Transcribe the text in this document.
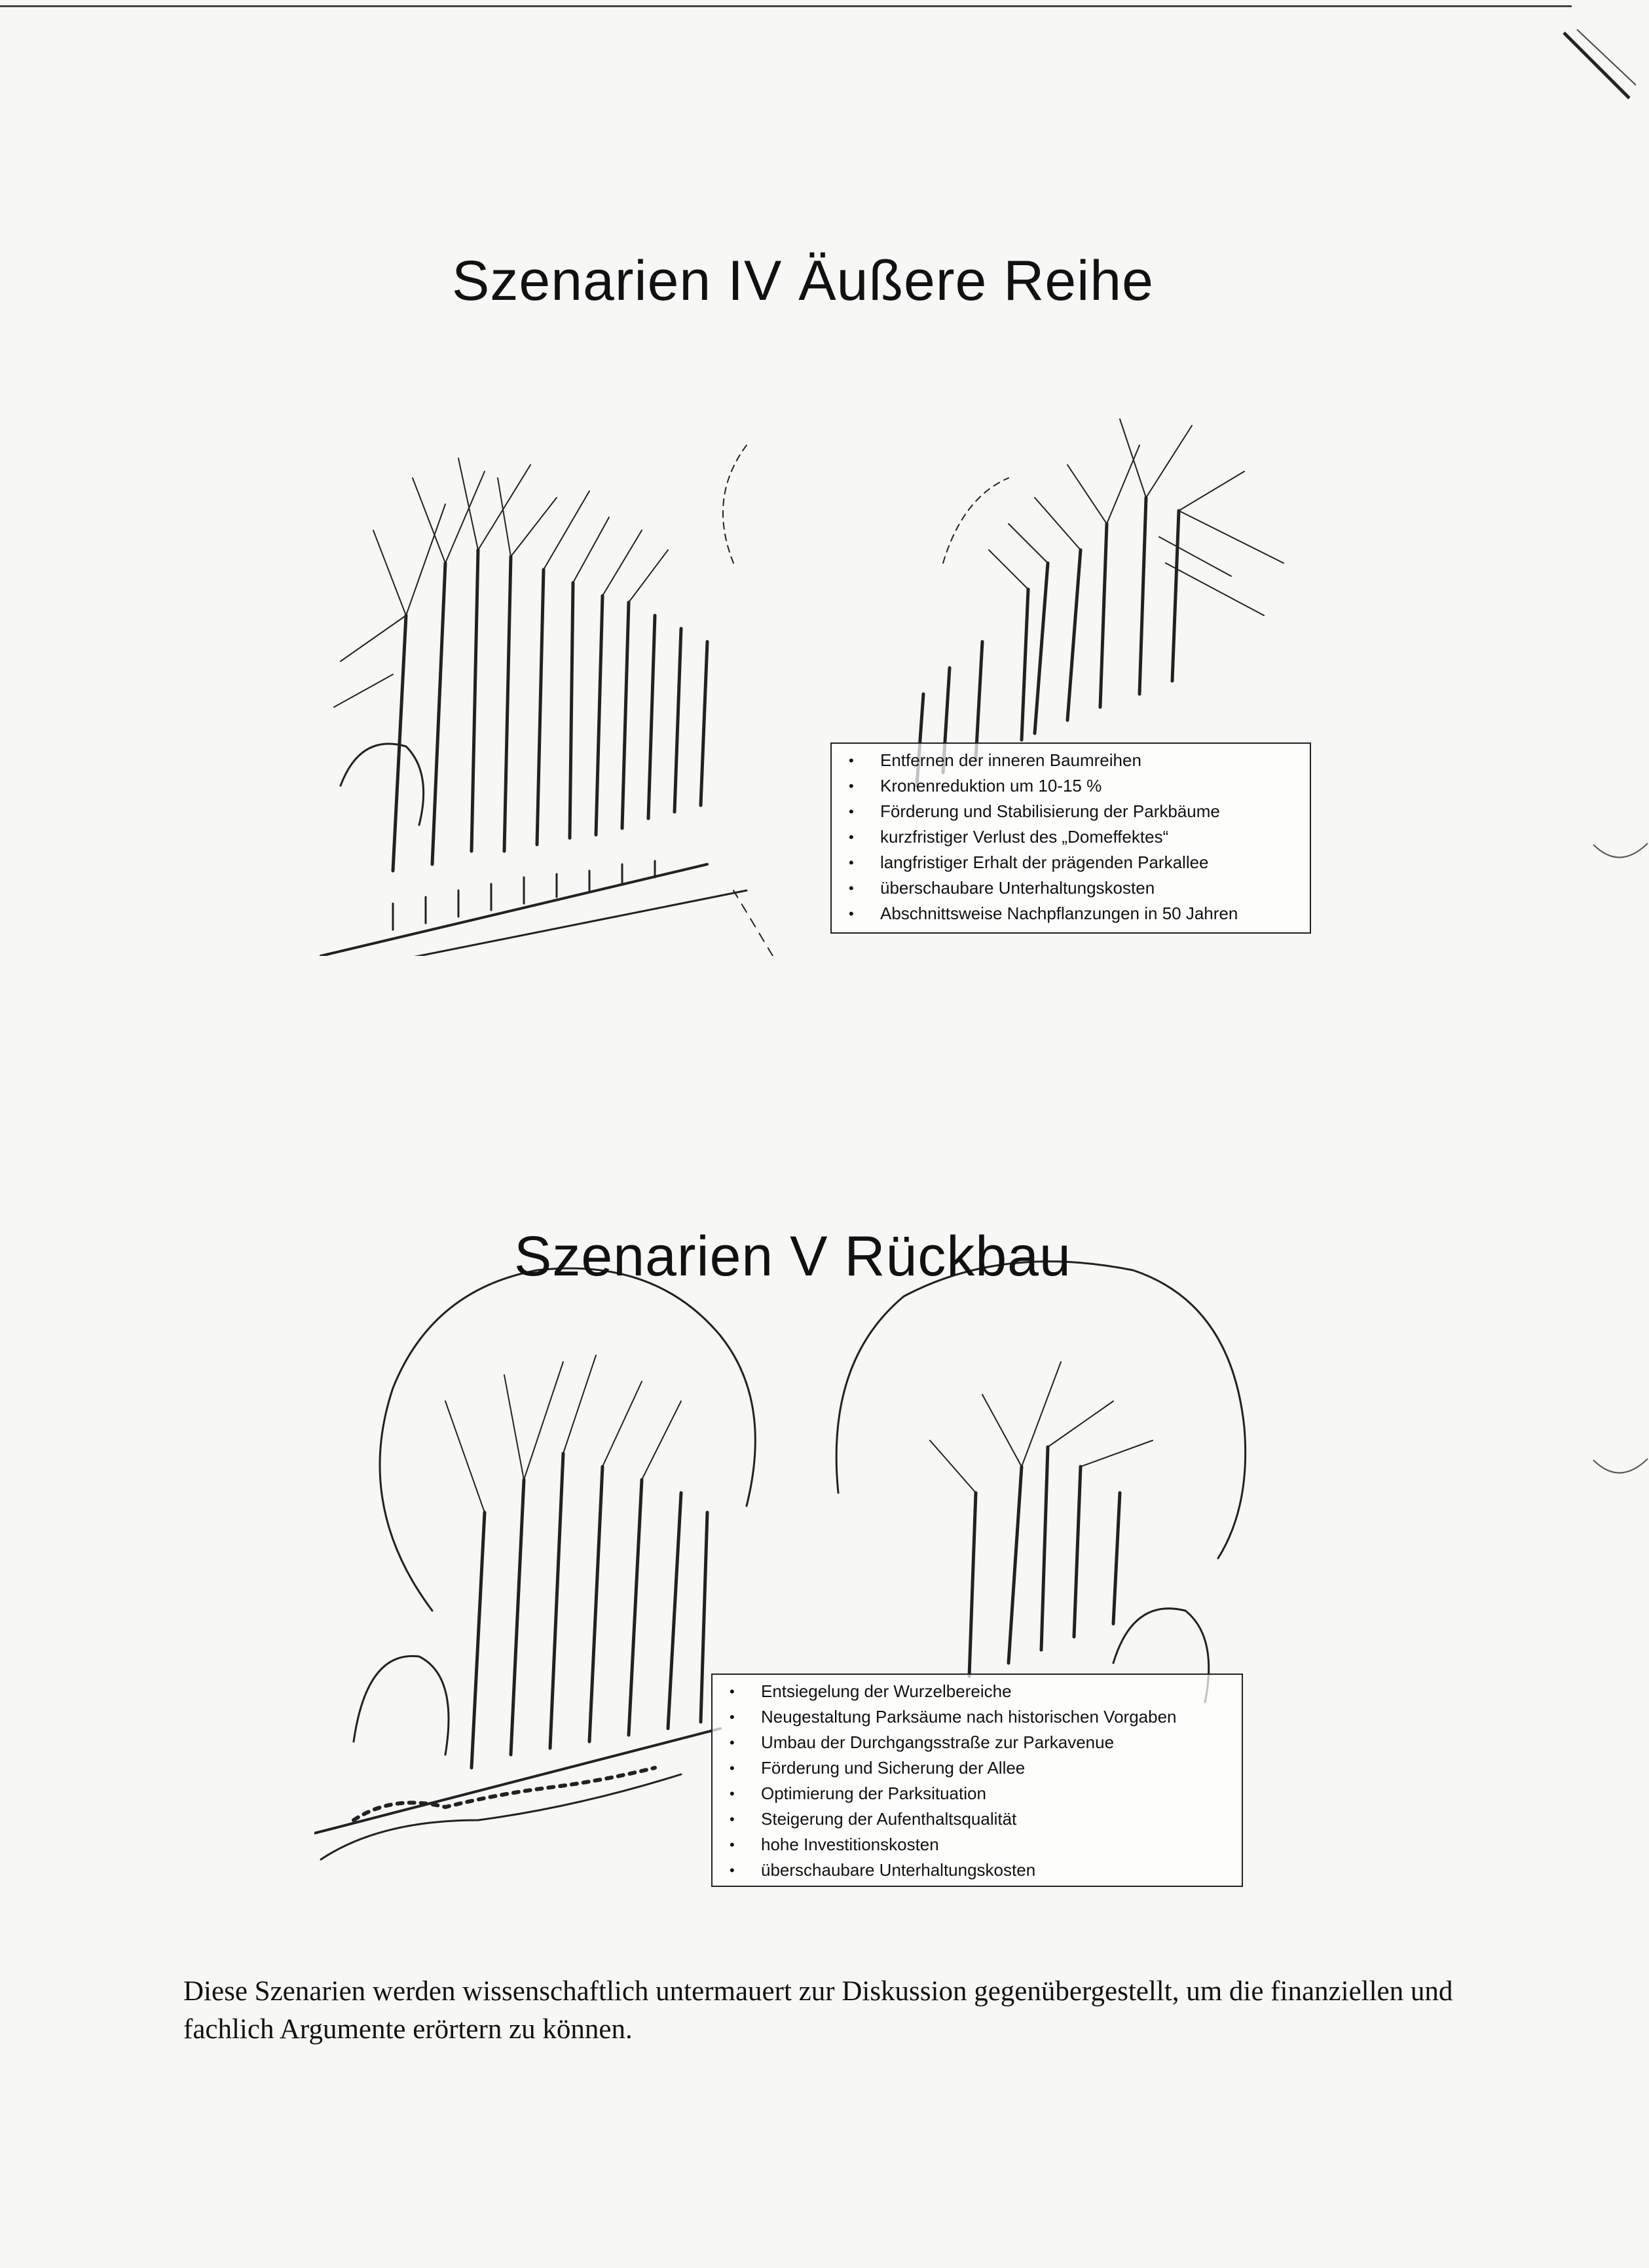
Szenarien IV Äußere Reihe
• Entfernen der inneren Baumreihen
• Kronenreduktion um 10-15 %
• Förderung und Stabilisierung der Parkbäume
• kurzfristiger Verlust des „Domeffektes“
• langfristiger Erhalt der prägenden Parkallee
• überschaubare Unterhaltungskosten
• Abschnittsweise Nachpflanzungen in 50 Jahren
Szenarien V Rückbau
• Entsiegelung der Wurzelbereiche
• Neugestaltung Parksäume nach historischen Vorgaben
• Umbau der Durchgangsstraße zur Parkavenue
• Förderung und Sicherung der Allee
• Optimierung der Parksituation
• Steigerung der Aufenthaltsqualität
• hohe Investitionskosten
• überschaubare Unterhaltungskosten

Diese Szenarien werden wissenschaftlich untermauert zur Diskussion gegenübergestellt, um die finanziellen und fachlich Argumente erörtern zu können.
